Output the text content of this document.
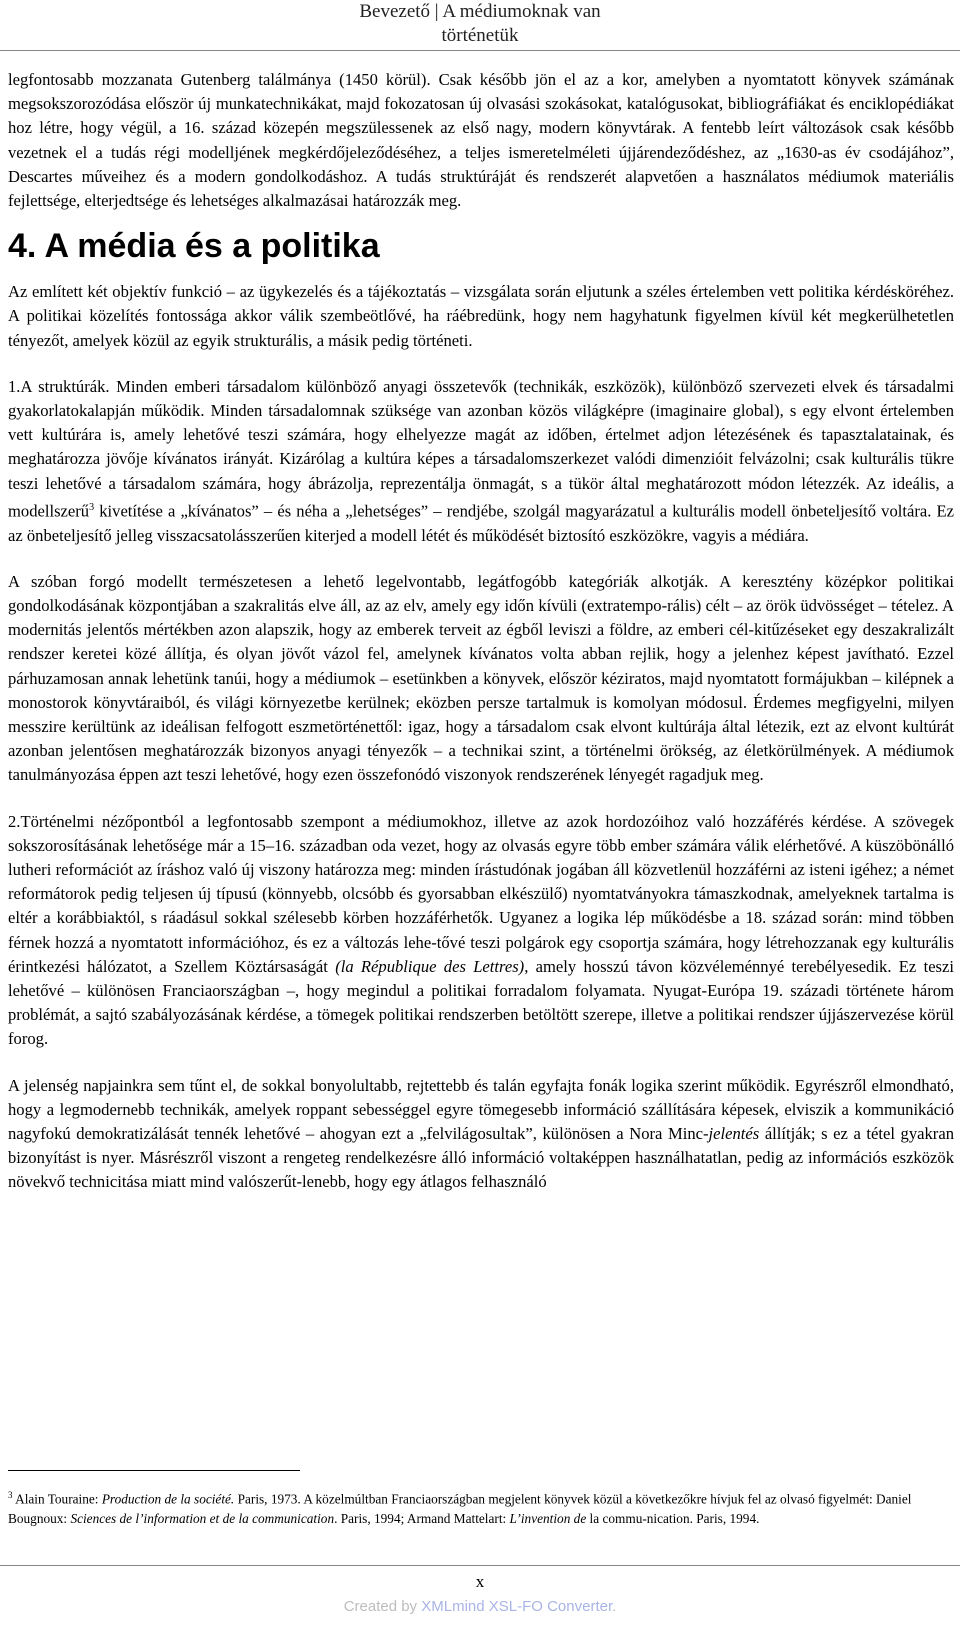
Bevezető | A médiumoknak van
történetük

legfontosabb mozzanata Gutenberg találmánya (1450 körül). Csak később jön el az a kor, amelyben a nyomtatott könyvek számának megsokszorozódása először új munkatechnikákat, majd fokozatosan új olvasási szokásokat, katalógusokat, bibliográfiákat és enciklopédiákat hoz létre, hogy végül, a 16. század közepén megszülessenek az első nagy, modern könyvtárak. A fentebb leírt változások csak később vezetnek el a tudás régi modelljének megkérdőjeleződéséhez, a teljes ismeretelméleti újjárendeződéshez, az „1630-as év csodájához”, Descartes műveihez és a modern gondolkodáshoz. A tudás struktúráját és rendszerét alapvetően a használatos médiumok materiális fejlettsége, elterjedtsége és lehetséges alkalmazásai határozzák meg.

4. A média és a politika

Az említett két objektív funkció – az ügykezelés és a tájékoztatás – vizsgálata során eljutunk a széles értelemben vett politika kérdésköréhez. A politikai közelítés fontossága akkor válik szembeötlővé, ha ráébredünk, hogy nem hagyhatunk figyelmen kívül két megkerülhetetlen tényezőt, amelyek közül az egyik strukturális, a másik pedig történeti.

1.A struktúrák. Minden emberi társadalom különböző anyagi összetevők (technikák, eszközök), különböző szervezeti elvek és társadalmi gyakorlatokalapján működik. Minden társadalomnak szüksége van azonban közös világképre (imaginaire global), s egy elvont értelemben vett kultúrára is, amely lehetővé teszi számára, hogy elhelyezze magát az időben, értelmet adjon létezésének és tapasztalatainak, és meghatározza jövője kívánatos irányát. Kizárólag a kultúra képes a társadalomszerkezet valódi dimenzióit felvázolni; csak kulturális tükre teszi lehetővé a társadalom számára, hogy ábrázolja, reprezentálja önmagát, s a tükör által meghatározott módon létezzék. Az ideális, a modellszerű$^3$ kivetítése a „kívánatos” – és néha a „lehetséges” – rendjébe, szolgál magyarázatul a kulturális modell önbeteljesítő voltára. Ez az önbeteljesítő jelleg visszacsatolásszerűen kiterjed a modell létét és működését biztosító eszközökre, vagyis a médiára.

A szóban forgó modellt természetesen a lehető legelvontabb, legátfogóbb kategóriák alkotják. A keresztény középkor politikai gondolkodásának központjában a szakralitás elve áll, az az elv, amely egy időn kívüli (extratempo-rális) célt – az örök üdvösséget – tételez. A modernitás jelentős mértékben azon alapszik, hogy az emberek terveit az égből leviszi a földre, az emberi cél-kitűzéseket egy deszakralizált rendszer keretei közé állítja, és olyan jövőt vázol fel, amelynek kívánatos volta abban rejlik, hogy a jelenhez képest javítható. Ezzel párhuzamosan annak lehetünk tanúi, hogy a médiumok – esetünkben a könyvek, először kéziratos, majd nyomtatott formájukban – kilépnek a monostorok könyvtáraiból, és világi környezetbe kerülnek; eközben persze tartalmuk is komolyan módosul. Érdemes megfigyelni, milyen messzire kerültünk az ideálisan felfogott eszmetörténettől: igaz, hogy a társadalom csak elvont kultúrája által létezik, ezt az elvont kultúrát azonban jelentősen meghatározzák bizonyos anyagi tényezők – a technikai szint, a történelmi örökség, az életkörülmények. A médiumok tanulmányozása éppen azt teszi lehetővé, hogy ezen összefonódó viszonyok rendszerének lényegét ragadjuk meg.

2.Történelmi nézőpontból a legfontosabb szempont a médiumokhoz, illetve az azok hordozóihoz való hozzáférés kérdése. A szövegek sokszorosításának lehetősége már a 15–16. században oda vezet, hogy az olvasás egyre több ember számára válik elérhetővé. A küszöbönálló lutheri reformációt az íráshoz való új viszony határozza meg: minden írástudónak jogában áll közvetlenül hozzáférni az isteni igéhez; a német reformátorok pedig teljesen új típusú (könnyebb, olcsóbb és gyorsabban elkészülő) nyomtatványokra támaszkodnak, amelyeknek tartalma is eltér a korábbiaktól, s ráadásul sokkal szélesebb körben hozzáférhetők. Ugyanez a logika lép működésbe a 18. század során: mind többen férnek hozzá a nyomtatott információhoz, és ez a változás lehe-tővé teszi polgárok egy csoportja számára, hogy létrehozzanak egy kulturális érintkezési hálózatot, a Szellem Köztársaságát (la République des Lettres), amely hosszú távon közvéleménnyé terebélyesedik. Ez teszi lehetővé – különösen Franciaországban –, hogy megindul a politikai forradalom folyamata. Nyugat-Európa 19. századi története három problémát, a sajtó szabályozásának kérdése, a tömegek politikai rendszerben betöltött szerepe, illetve a politikai rendszer újjászervezése körül forog.

A jelenség napjainkra sem tűnt el, de sokkal bonyolultabb, rejtettebb és talán egyfajta fonák logika szerint működik. Egyrészről elmondható, hogy a legmodernebb technikák, amelyek roppant sebességgel egyre tömegesebb információ szállítására képesek, elviszik a kommunikáció nagyfokú demokratizálását tennék lehetővé – ahogyan ezt a „felvilágosultak”, különösen a Nora Minc-jelentés állítják; s ez a tétel gyakran bizonyítást is nyer. Másrészről viszont a rengeteg rendelkezésre álló információ voltaképpen használhatatlan, pedig az információs eszközök növekvő technicitása miatt mind valószerűt-lenebb, hogy egy átlagos felhasználó

$^3$ Alain Touraine: Production de la société. Paris, 1973. A közelmúltban Franciaországban megjelent könyvek közül a következőkre hívjuk fel az olvasó figyelmét: Daniel Bougnoux: Sciences de l’information et de la communication. Paris, 1994; Armand Mattelart: L’invention de la commu-nication. Paris, 1994.
x
Created by XMLmind XSL-FO Converter.
